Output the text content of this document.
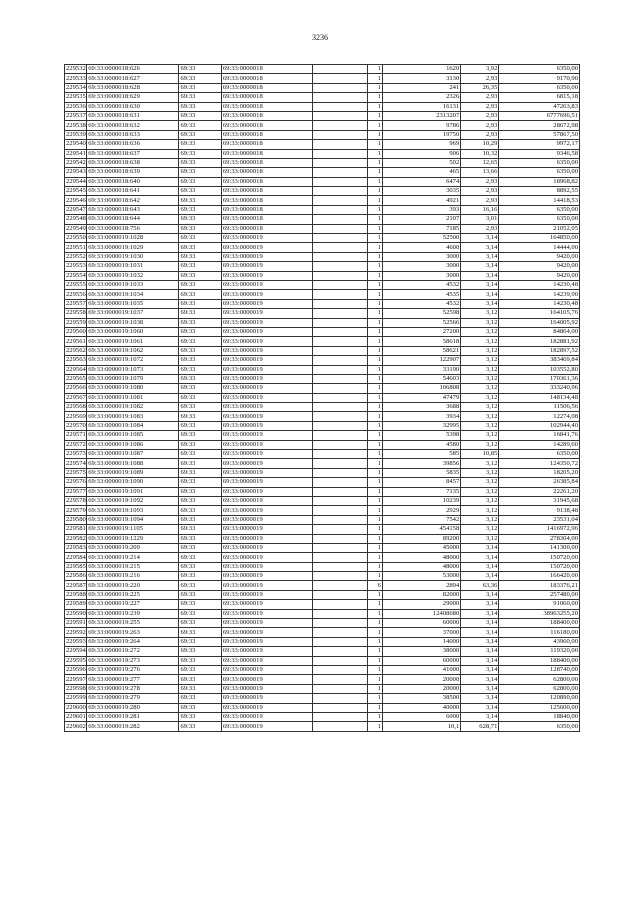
3236
229532	69:33:0000018:626	69:33	69:33:0000018		1	1620	3,92	6350,00
229533	69:33:0000018:627	69:33	69:33:0000018		1	3130	2,93	9170,90
229534	69:33:0000018:628	69:33	69:33:0000018		1	241	26,35	6350,00
229535	69:33:0000018:629	69:33	69:33:0000018		1	2326	2,93	6815,18
229536	69:33:0000018:630	69:33	69:33:0000018		1	16131	2,93	47263,83
229537	69:33:0000018:631	69:33	69:33:0000018		1	2313207	2,93	6777696,51
229538	69:33:0000018:632	69:33	69:33:0000018		1	9786	2,93	28672,98
229539	69:33:0000018:633	69:33	69:33:0000018		1	19750	2,93	57867,50
229540	69:33:0000018:636	69:33	69:33:0000018		1	969	10,29	9972,17
229541	69:33:0000018:637	69:33	69:33:0000018		1	906	10,32	9346,58
229542	69:33:0000018:638	69:33	69:33:0000018		1	502	12,65	6350,00
229543	69:33:0000018:639	69:33	69:33:0000018		1	465	13,66	6350,00
229544	69:33:0000018:640	69:33	69:33:0000018		1	6474	2,93	18968,82
229545	69:33:0000018:641	69:33	69:33:0000018		1	3035	2,93	8892,55
229546	69:33:0000018:642	69:33	69:33:0000018		1	4921	2,93	14418,53
229547	69:33:0000018:643	69:33	69:33:0000018		1	393	16,16	6350,00
229548	69:33:0000018:644	69:33	69:33:0000018		1	2107	3,01	6350,00
229549	69:33:0000018:756	69:33	69:33:0000018		1	7185	2,93	21052,05
229550	69:33:0000019:1028	69:33	69:33:0000019		1	52500	3,14	164850,00
229551	69:33:0000019:1029	69:33	69:33:0000019		1	4600	3,14	14444,00
229552	69:33:0000019:1030	69:33	69:33:0000019		1	3000	3,14	9420,00
229553	69:33:0000019:1031	69:33	69:33:0000019		1	3000	3,14	9420,00
229554	69:33:0000019:1032	69:33	69:33:0000019		1	3000	3,14	9420,00
229555	69:33:0000019:1033	69:33	69:33:0000019		1	4532	3,14	14230,48
229556	69:33:0000019:1034	69:33	69:33:0000019		1	4535	3,14	14239,90
229557	69:33:0000019:1035	69:33	69:33:0000019		1	4532	3,14	14230,48
229558	69:33:0000019:1037	69:33	69:33:0000019		1	52598	3,12	164105,76
229559	69:33:0000019:1038	69:33	69:33:0000019		1	52566	3,12	164005,92
229560	69:33:0000019:1060	69:33	69:33:0000019		1	27200	3,12	84864,00
229561	69:33:0000019:1061	69:33	69:33:0000019		1	58618	3,12	182881,92
229562	69:33:0000019:1062	69:33	69:33:0000019		1	58621	3,12	182897,52
229563	69:33:0000019:1072	69:33	69:33:0000019		1	122907	3,12	383469,84
229564	69:33:0000019:1073	69:33	69:33:0000019		1	33190	3,12	103552,80
229565	69:33:0000019:1079	69:33	69:33:0000019		1	54603	3,12	170361,36
229566	69:33:0000019:1080	69:33	69:33:0000019		1	106808	3,12	333240,96
229567	69:33:0000019:1081	69:33	69:33:0000019		1	47479	3,12	148134,48
229568	69:33:0000019:1082	69:33	69:33:0000019		1	3688	3,12	11506,56
229569	69:33:0000019:1083	69:33	69:33:0000019		1	3934	3,12	12274,08
229570	69:33:0000019:1084	69:33	69:33:0000019		1	32995	3,12	102944,40
229571	69:33:0000019:1085	69:33	69:33:0000019		1	5398	3,12	16841,76
229572	69:33:0000019:1086	69:33	69:33:0000019		1	4580	3,12	14289,60
229573	69:33:0000019:1087	69:33	69:33:0000019		1	585	10,85	6350,00
229574	69:33:0000019:1088	69:33	69:33:0000019		1	39856	3,12	124350,72
229575	69:33:0000019:1089	69:33	69:33:0000019		1	5835	3,12	18205,20
229576	69:33:0000019:1090	69:33	69:33:0000019		1	8457	3,12	26385,84
229577	69:33:0000019:1091	69:33	69:33:0000019		1	7135	3,12	22261,20
229578	69:33:0000019:1092	69:33	69:33:0000019		1	10239	3,12	31945,68
229579	69:33:0000019:1093	69:33	69:33:0000019		1	2929	3,12	9138,48
229580	69:33:0000019:1094	69:33	69:33:0000019		1	7542	3,12	23531,04
229581	69:33:0000019:1105	69:33	69:33:0000019		1	454158	3,12	1416972,96
229582	69:33:0000019:1229	69:33	69:33:0000019		1	89200	3,12	278304,00
229583	69:33:0000019:209	69:33	69:33:0000019		1	45000	3,14	141300,00
229584	69:33:0000019:214	69:33	69:33:0000019		1	48000	3,14	150720,00
229585	69:33:0000019:215	69:33	69:33:0000019		1	48000	3,14	150720,00
229586	69:33:0000019:216	69:33	69:33:0000019		1	53000	3,14	166420,00
229587	69:33:0000019:220	69:33	69:33:0000019		6	2894	63,36	183376,21
229588	69:33:0000019:225	69:33	69:33:0000019		1	82000	3,14	257480,00
229589	69:33:0000019:227	69:33	69:33:0000019		1	29000	3,14	91060,00
229590	69:33:0000019:239	69:33	69:33:0000019		1	12408680	3,14	38963255,20
229591	69:33:0000019:255	69:33	69:33:0000019		1	60000	3,14	188400,00
229592	69:33:0000019:263	69:33	69:33:0000019		1	37000	3,14	116180,00
229593	69:33:0000019:264	69:33	69:33:0000019		1	14000	3,14	43960,00
229594	69:33:0000019:272	69:33	69:33:0000019		1	38000	3,14	119320,00
229595	69:33:0000019:273	69:33	69:33:0000019		1	60000	3,14	188400,00
229596	69:33:0000019:276	69:33	69:33:0000019		1	41000	3,14	128740,00
229597	69:33:0000019:277	69:33	69:33:0000019		1	20000	3,14	62800,00
229598	69:33:0000019:278	69:33	69:33:0000019		1	20000	3,14	62800,00
229599	69:33:0000019:279	69:33	69:33:0000019		1	38500	3,14	120890,00
229600	69:33:0000019:280	69:33	69:33:0000019		1	40000	3,14	125600,00
229601	69:33:0000019:281	69:33	69:33:0000019		1	6000	3,14	18840,00
229602	69:33:0000019:282	69:33	69:33:0000019		1	10,1	628,71	6350,00
